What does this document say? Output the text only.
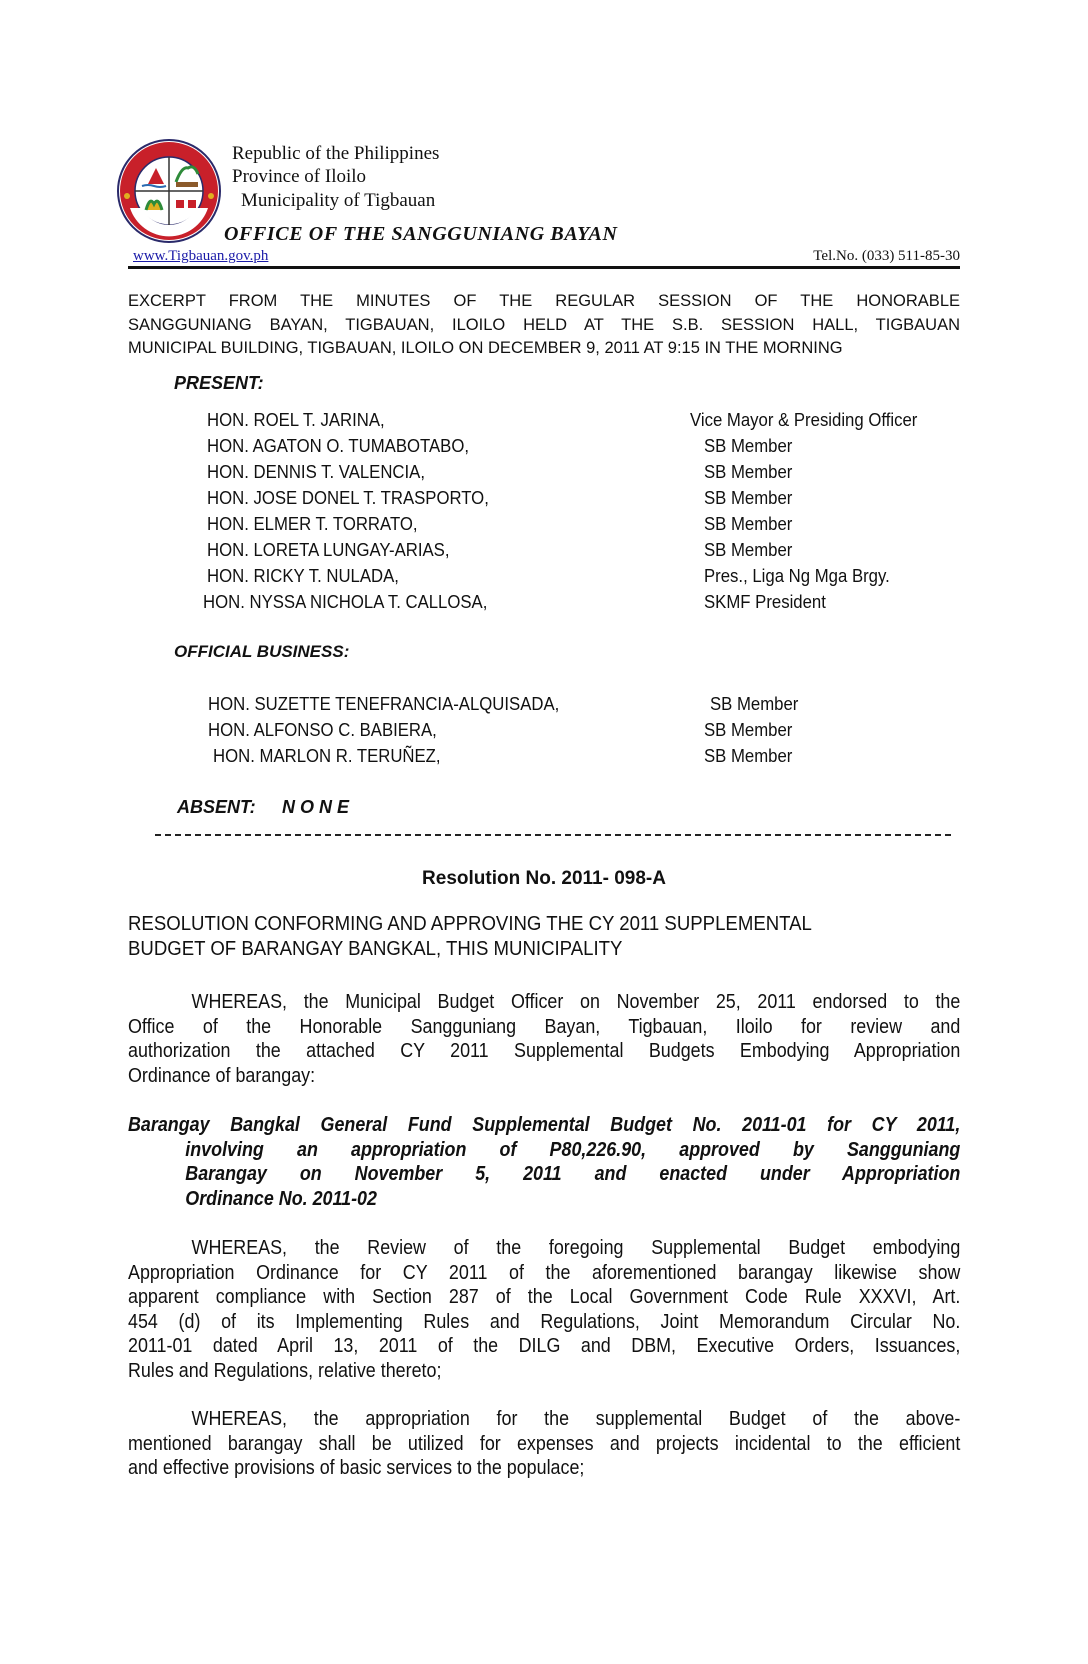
Republic of the Philippines
Province of Iloilo
Municipality of Tigbauan
OFFICE OF THE SANGGUNIANG BAYAN
www.Tigbauan.gov.ph	Tel.No. (033) 511-85-30
EXCERPT FROM THE MINUTES OF THE REGULAR SESSION OF THE HONORABLE
SANGGUNIANG BAYAN, TIGBAUAN, ILOILO HELD AT THE S.B. SESSION HALL, TIGBAUAN
MUNICIPAL BUILDING, TIGBAUAN, ILOILO ON DECEMBER 9, 2011 AT 9:15 IN THE MORNING
PRESENT:
HON. ROEL T. JARINA,	Vice Mayor & Presiding Officer
HON. AGATON O. TUMABOTABO,	SB Member
HON. DENNIS T. VALENCIA,	SB Member
HON. JOSE DONEL T. TRASPORTO,	SB Member
HON. ELMER T. TORRATO,	SB Member
HON. LORETA LUNGAY-ARIAS,	SB Member
HON. RICKY T. NULADA,	Pres., Liga Ng Mga Brgy.
HON. NYSSA NICHOLA T. CALLOSA,	SKMF President
OFFICIAL BUSINESS:
HON. SUZETTE TENEFRANCIA-ALQUISADA,	SB Member
HON. ALFONSO C. BABIERA,	SB Member
HON. MARLON R. TERUÑEZ,	SB Member
ABSENT: N O N E
Resolution No. 2011- 098-A
RESOLUTION CONFORMING AND APPROVING THE CY 2011 SUPPLEMENTAL
BUDGET OF BARANGAY BANGKAL, THIS MUNICIPALITY
WHEREAS, the Municipal Budget Officer on November 25, 2011 endorsed to the
Office of the Honorable Sangguniang Bayan, Tigbauan, Iloilo for review and
authorization the attached CY 2011 Supplemental Budgets Embodying Appropriation
Ordinance of barangay:
Barangay Bangkal General Fund Supplemental Budget No. 2011-01 for CY 2011,
involving an appropriation of P80,226.90, approved by Sangguniang
Barangay on November 5, 2011 and enacted under Appropriation
Ordinance No. 2011-02
WHEREAS, the Review of the foregoing Supplemental Budget embodying
Appropriation Ordinance for CY 2011 of the aforementioned barangay likewise show
apparent compliance with Section 287 of the Local Government Code Rule XXXVI, Art.
454 (d) of its Implementing Rules and Regulations, Joint Memorandum Circular No.
2011-01 dated April 13, 2011 of the DILG and DBM, Executive Orders, Issuances,
Rules and Regulations, relative thereto;
WHEREAS, the appropriation for the supplemental Budget of the above-
mentioned barangay shall be utilized for expenses and projects incidental to the efficient
and effective provisions of basic services to the populace;
